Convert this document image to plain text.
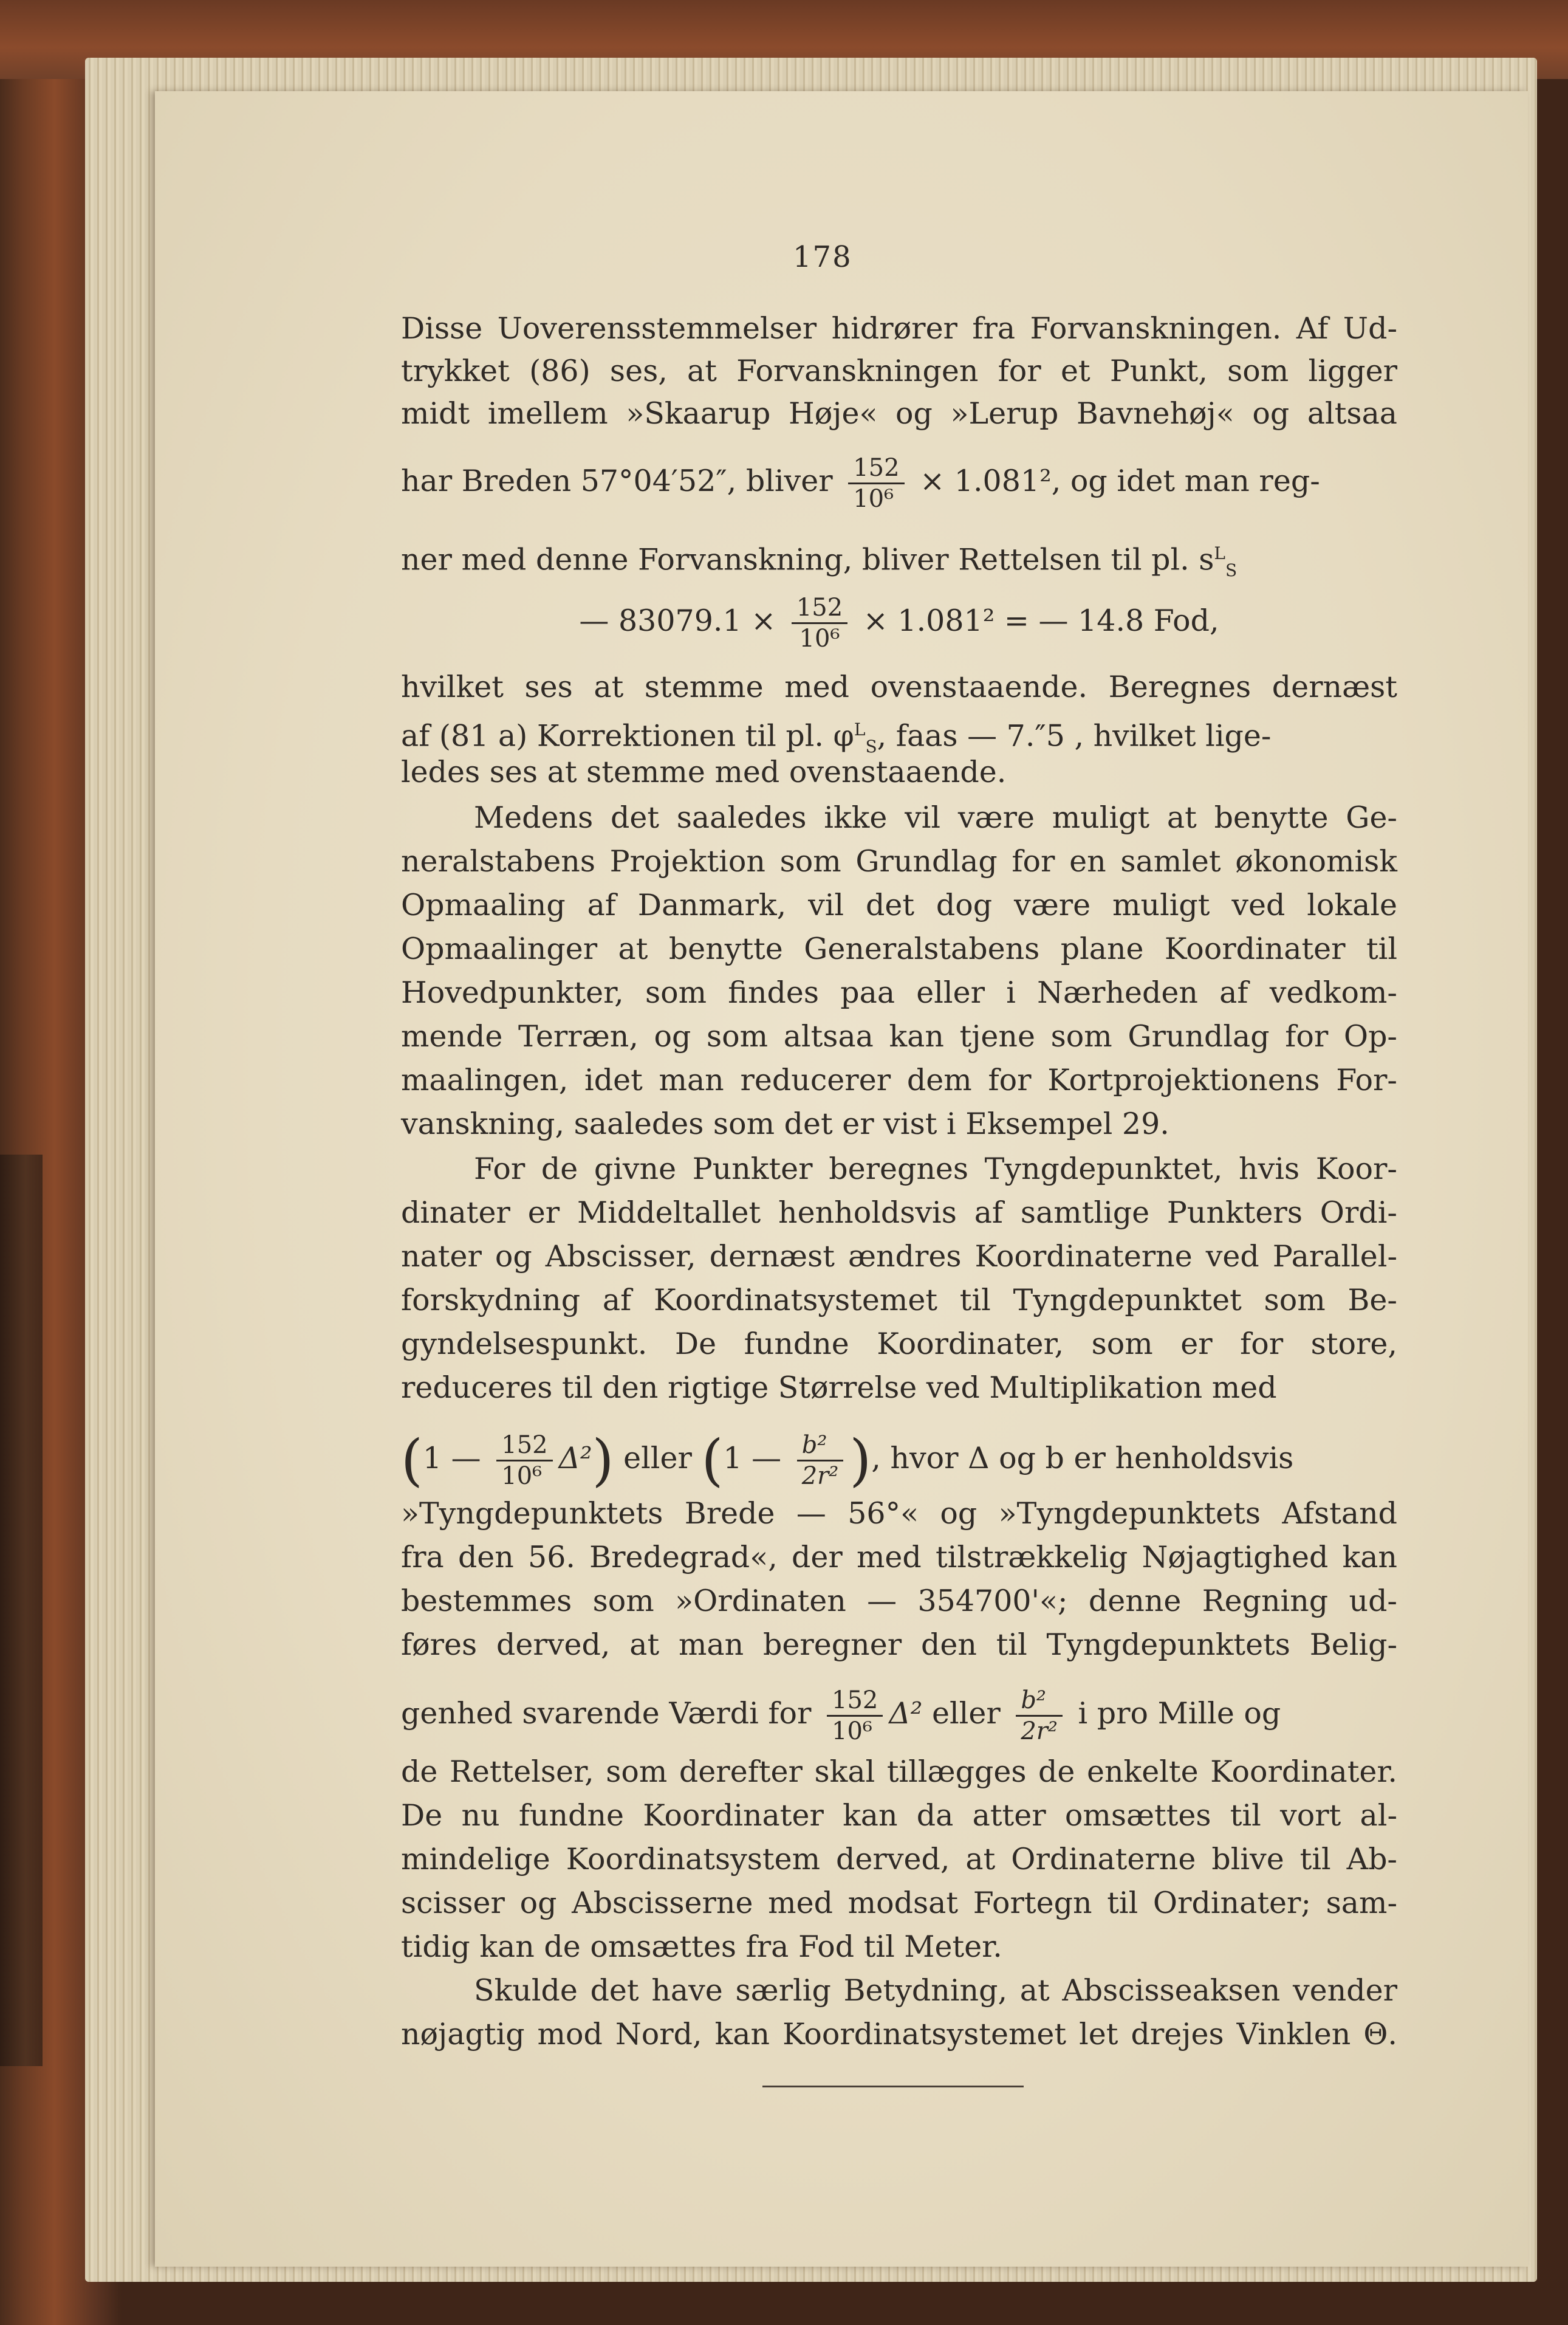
178
Disse Uoverensstemmelser hidrører fra Forvanskningen. Af Ud-
trykket (86) ses, at Forvanskningen for et Punkt, som ligger
midt imellem »Skaarup Høje« og »Lerup Bavnehøj« og altsaa
har Breden 57°04′52″, bliver $\frac{152}{\text{10⁶}} \times 1.081^2$, og idet man reg-
ner med denne Forvanskning, bliver Rettelsen til pl. $s^L_S$
— $83079.1 \times \frac{152}{\text{10⁶}} \times 1.081^2$ = — 14.8 Fod,
hvilket ses at stemme med ovenstaaende. Beregnes dernæst
af (81 a) Korrektionen til pl. $\varphi^L_S$, faas — 7.″5 , hvilket lige-
ledes ses at stemme med ovenstaaende.
Medens det saaledes ikke vil være muligt at benytte Ge-
neralstabens Projektion som Grundlag for en samlet økonomisk
Opmaaling af Danmark, vil det dog være muligt ved lokale
Opmaalinger at benytte Generalstabens plane Koordinater til
Hovedpunkter, som findes paa eller i Nærheden af vedkom-
mende Terræn, og som altsaa kan tjene som Grundlag for Op-
maalingen, idet man reducerer dem for Kortprojektionens For-
vanskning, saaledes som det er vist i Eksempel 29.
For de givne Punkter beregnes Tyngdepunktet, hvis Koor-
dinater er Middeltallet henholdsvis af samtlige Punkters Ordi-
nater og Abscisser, dernæst ændres Koordinaterne ved Parallel-
forskydning af Koordinatsystemet til Tyngdepunktet som Be-
gyndelsespunkt. De fundne Koordinater, som er for store,
reduceres til den rigtige Størrelse ved Multiplikation med
(1 — $\frac{152}{\text{10⁶}} \Delta^2$) eller (1 — $\frac{\text{b²}}{\text{2r²}}$ ), hvor Δ og b er henholdsvis
»Tyngdepunktets Brede — 56°« og »Tyngdepunktets Afstand
fra den 56. Bredegrad«, der med tilstrækkelig Nøjagtighed kan
bestemmes som »Ordinaten — 354700'«; denne Regning ud-
føres derved, at man beregner den til Tyngdepunktets Belig-
genhed svarende Værdi for $\frac{152}{\text{10⁶}} \Delta^2$ eller $\frac{\text{b²}}{\text{2r²}}$ i pro Mille og
de Rettelser, som derefter skal tillægges de enkelte Koordinater.
De nu fundne Koordinater kan da atter omsættes til vort al-
mindelige Koordinatsystem derved, at Ordinaterne blive til Ab-
scisser og Abscisserne med modsat Fortegn til Ordinater; sam-
tidig kan de omsættes fra Fod til Meter.
Skulde det have særlig Betydning, at Abscisseaksen vender
nøjagtig mod Nord, kan Koordinatsystemet let drejes Vinklen Θ.
